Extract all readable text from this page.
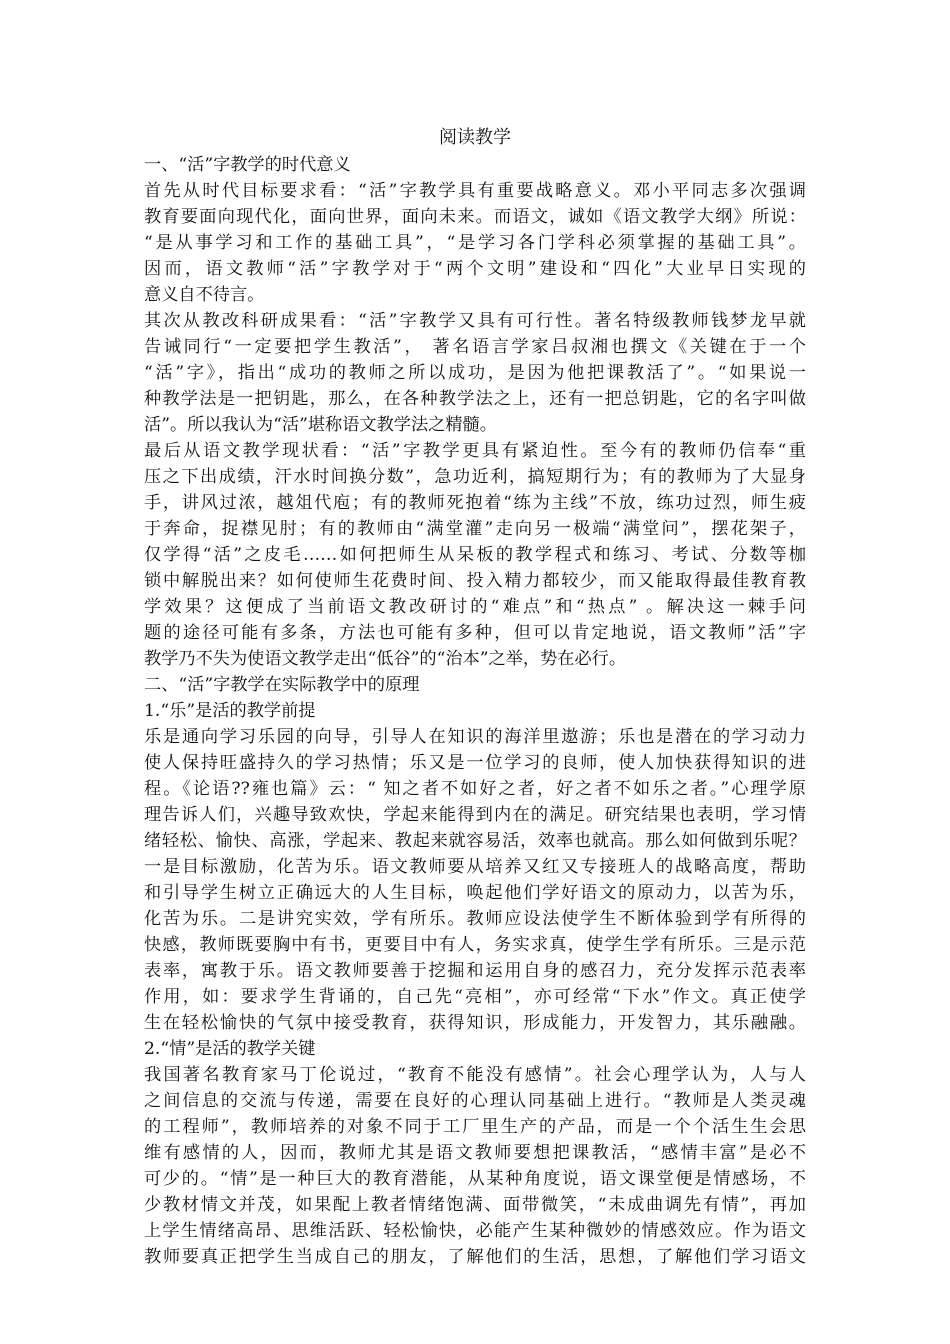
阅读教学
一、“活”字教学的时代意义
首先从时代目标要求看：“活”字教学具有重要战略意义。邓小平同志多次强调
教育要面向现代化，面向世界，面向未来。而语文，诚如《语文教学大纲》所说：
“是从事学习和工作的基础工具”，“是学习各门学科必须掌握的基础工具”。
因而，语文教师“活”字教学对于“两个文明”建设和“四化”大业早日实现的
意义自不待言。
其次从教改科研成果看：“活”字教学又具有可行性。著名特级教师钱梦龙早就
告诫同行“一定要把学生教活”， 著名语言学家吕叔湘也撰文《关键在于一个
“活”字》，指出“成功的教师之所以成功，是因为他把课教活了”。“如果说一
种教学法是一把钥匙，那么，在各种教学法之上，还有一把总钥匙，它的名字叫做
活”。所以我认为“活”堪称语文教学法之精髓。
最后从语文教学现状看：“活”字教学更具有紧迫性。至今有的教师仍信奉“重
压之下出成绩，汗水时间换分数”，急功近利，搞短期行为；有的教师为了大显身
手，讲风过浓，越俎代庖；有的教师死抱着“练为主线”不放，练功过烈，师生疲
于奔命，捉襟见肘；有的教师由“满堂灌”走向另一极端“满堂问”，摆花架子，
仅学得“活”之皮毛……如何把师生从呆板的教学程式和练习、考试、分数等枷
锁中解脱出来？如何使师生花费时间、投入精力都较少，而又能取得最佳教育教
学效果？这便成了当前语文教改研讨的“难点”和“热点” 。解决这一棘手问
题的途径可能有多条，方法也可能有多种，但可以肯定地说，语文教师”活”字
教学乃不失为使语文教学走出“低谷”的“治本”之举，势在必行。
二、“活”字教学在实际教学中的原理
1.“乐”是活的教学前提
乐是通向学习乐园的向导，引导人在知识的海洋里遨游；乐也是潜在的学习动力
使人保持旺盛持久的学习热情；乐又是一位学习的良师，使人加快获得知识的进
程。《论语??雍也篇》云：“ 知之者不如好之者，好之者不如乐之者。”心理学原
理告诉人们，兴趣导致欢快，学起来能得到内在的满足。研究结果也表明，学习情
绪轻松、愉快、高涨，学起来、教起来就容易活，效率也就高。那么如何做到乐呢？
一是目标激励，化苦为乐。语文教师要从培养又红又专接班人的战略高度，帮助
和引导学生树立正确远大的人生目标，唤起他们学好语文的原动力，以苦为乐，
化苦为乐。二是讲究实效，学有所乐。教师应设法使学生不断体验到学有所得的
快感，教师既要胸中有书，更要目中有人，务实求真，使学生学有所乐。三是示范
表率，寓教于乐。语文教师要善于挖掘和运用自身的感召力，充分发挥示范表率
作用，如：要求学生背诵的，自己先“亮相”，亦可经常“下水”作文。真正使学
生在轻松愉快的气氛中接受教育，获得知识，形成能力，开发智力，其乐融融。
2.“情”是活的教学关键
我国著名教育家马丁伦说过，“教育不能没有感情”。社会心理学认为，人与人
之间信息的交流与传递，需要在良好的心理认同基础上进行。“教师是人类灵魂
的工程师”，教师培养的对象不同于工厂里生产的产品，而是一个个活生生会思
维有感情的人，因而，教师尤其是语文教师要想把课教活，“感情丰富”是必不
可少的。“情”是一种巨大的教育潜能，从某种角度说，语文课堂便是情感场，不
少教材情文并茂，如果配上教者情绪饱满、面带微笑，“未成曲调先有情”，再加
上学生情绪高昂、思维活跃、轻松愉快，必能产生某种微妙的情感效应。作为语文
教师要真正把学生当成自己的朋友，了解他们的生活，思想，了解他们学习语文
